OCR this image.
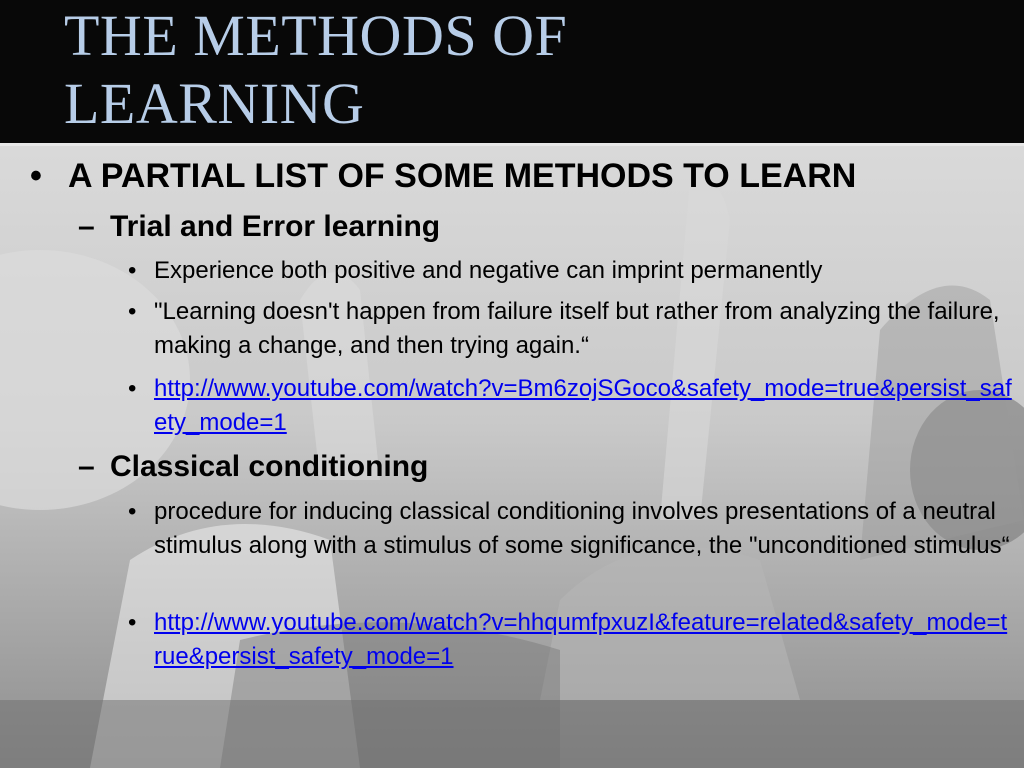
THE METHODS OF
LEARNING
• A PARTIAL LIST OF SOME METHODS TO LEARN

– Trial and Error learning

• Experience both positive and negative can imprint permanently

• "Learning doesn't happen from failure itself but rather from analyzing the failure, making a change, and then trying again.“

• http://www.youtube.com/watch?v=Bm6zojSGoco&safety_mode=true&persist_safety_mode=1

– Classical conditioning

• procedure for inducing classical conditioning involves presentations of a neutral stimulus along with a stimulus of some significance, the "unconditioned stimulus“

• http://www.youtube.com/watch?v=hhqumfpxuzI&feature=related&safety_mode=true&persist_safety_mode=1
